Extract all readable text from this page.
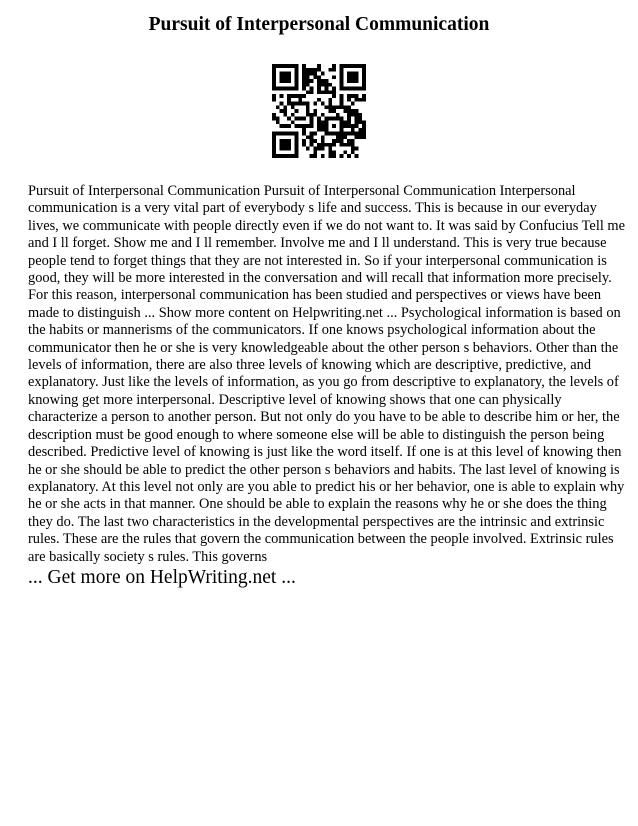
Pursuit of Interpersonal Communication

Pursuit of Interpersonal Communication Pursuit of Interpersonal Communication Interpersonal communication is a very vital part of everybody s life and success. This is because in our everyday lives, we communicate with people directly even if we do not want to. It was said by Confucius Tell me and I ll forget. Show me and I ll remember. Involve me and I ll understand. This is very true because people tend to forget things that they are not interested in. So if your interpersonal communication is good, they will be more interested in the conversation and will recall that information more precisely. For this reason, interpersonal communication has been studied and perspectives or views have been made to distinguish ... Show more content on Helpwriting.net ... Psychological information is based on the habits or mannerisms of the communicators. If one knows psychological information about the communicator then he or she is very knowledgeable about the other person s behaviors. Other than the levels of information, there are also three levels of knowing which are descriptive, predictive, and explanatory. Just like the levels of information, as you go from descriptive to explanatory, the levels of knowing get more interpersonal. Descriptive level of knowing shows that one can physically characterize a person to another person. But not only do you have to be able to describe him or her, the description must be good enough to where someone else will be able to distinguish the person being described. Predictive level of knowing is just like the word itself. If one is at this level of knowing then he or she should be able to predict the other person s behaviors and habits. The last level of knowing is explanatory. At this level not only are you able to predict his or her behavior, one is able to explain why he or she acts in that manner. One should be able to explain the reasons why he or she does the thing they do. The last two characteristics in the developmental perspectives are the intrinsic and extrinsic rules. These are the rules that govern the communication between the people involved. Extrinsic rules are basically society s rules. This governs

... Get more on HelpWriting.net ...
